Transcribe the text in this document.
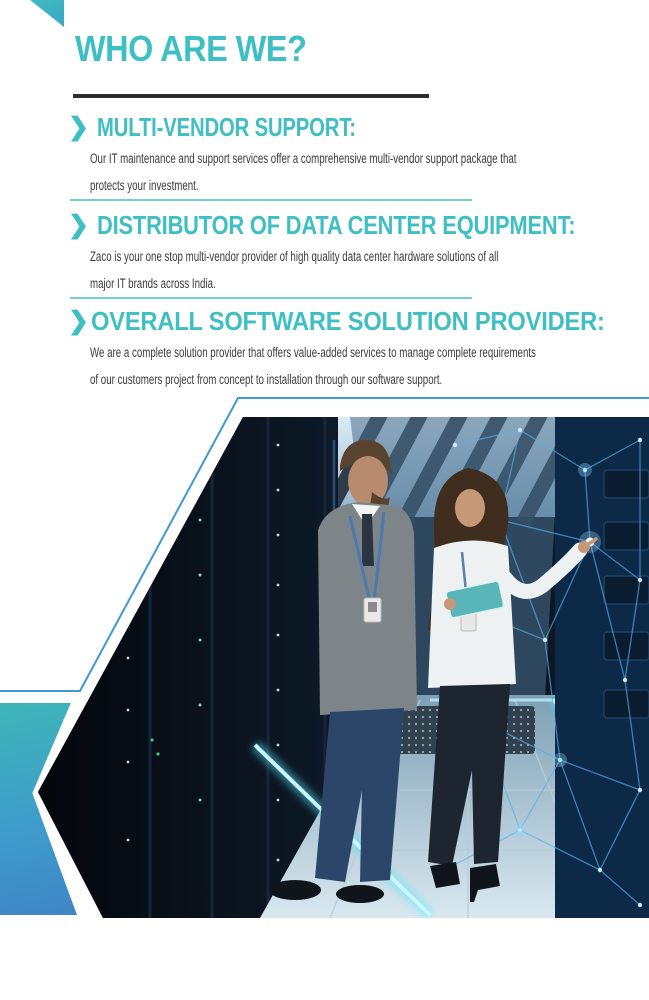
WHO ARE WE?
❯ MULTI-VENDOR SUPPORT:
Our IT maintenance and support services offer a comprehensive multi-vendor support package that
protects your investment.
❯ DISTRIBUTOR OF DATA CENTER EQUIPMENT:
Zaco is your one stop multi-vendor provider of high quality data center hardware solutions of all
major IT brands across India.
❯ OVERALL SOFTWARE SOLUTION PROVIDER:
We are a complete solution provider that offers value-added services to manage complete requirements
of our customers project from concept to installation through our software support.
